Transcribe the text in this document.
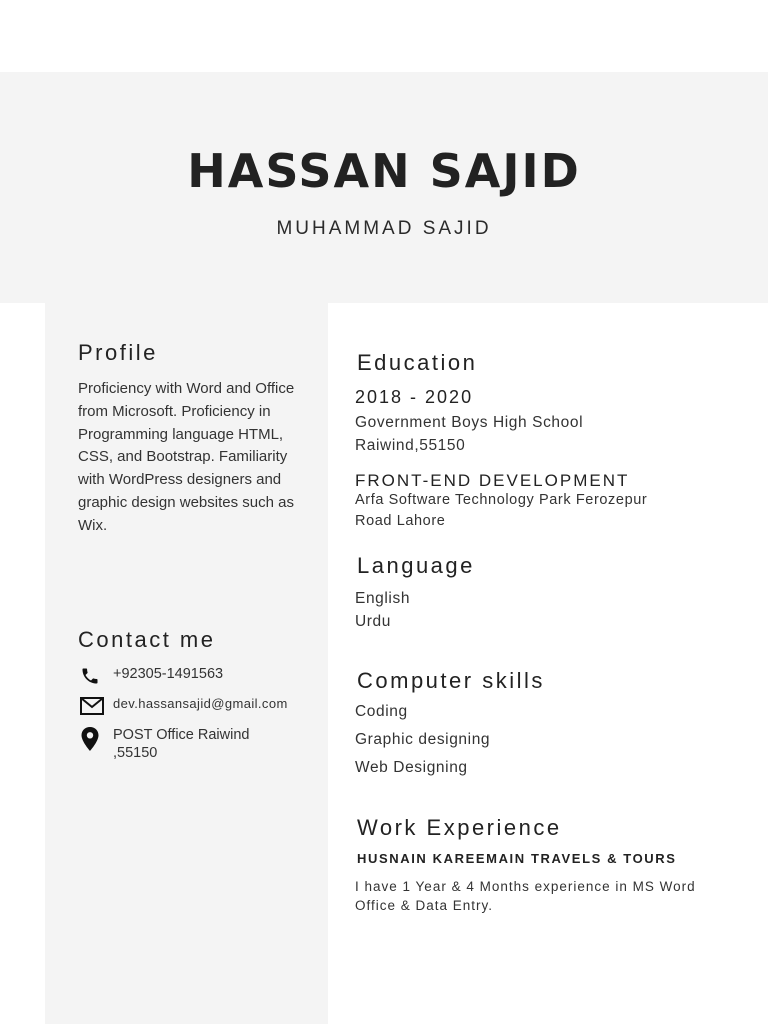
HASSAN SAJID
MUHAMMAD SAJID
Profile
Proficiency with Word and Office from Microsoft. Proficiency in Programming language HTML, CSS, and Bootstrap. Familiarity with WordPress designers and graphic design websites such as Wix.
Contact me
+92305-1491563
dev.hassansajid@gmail.com
POST Office Raiwind
,55150
Education
2018 - 2020
Government Boys High School
Raiwind,55150
FRONT-END DEVELOPMENT
Arfa Software Technology Park Ferozepur
Road Lahore
Language
English
Urdu
Computer skills
Coding
Graphic designing
Web Designing
Work Experience
HUSNAIN KAREEMAIN TRAVELS & TOURS
I have 1 Year & 4 Months experience in MS Word Office & Data Entry.
